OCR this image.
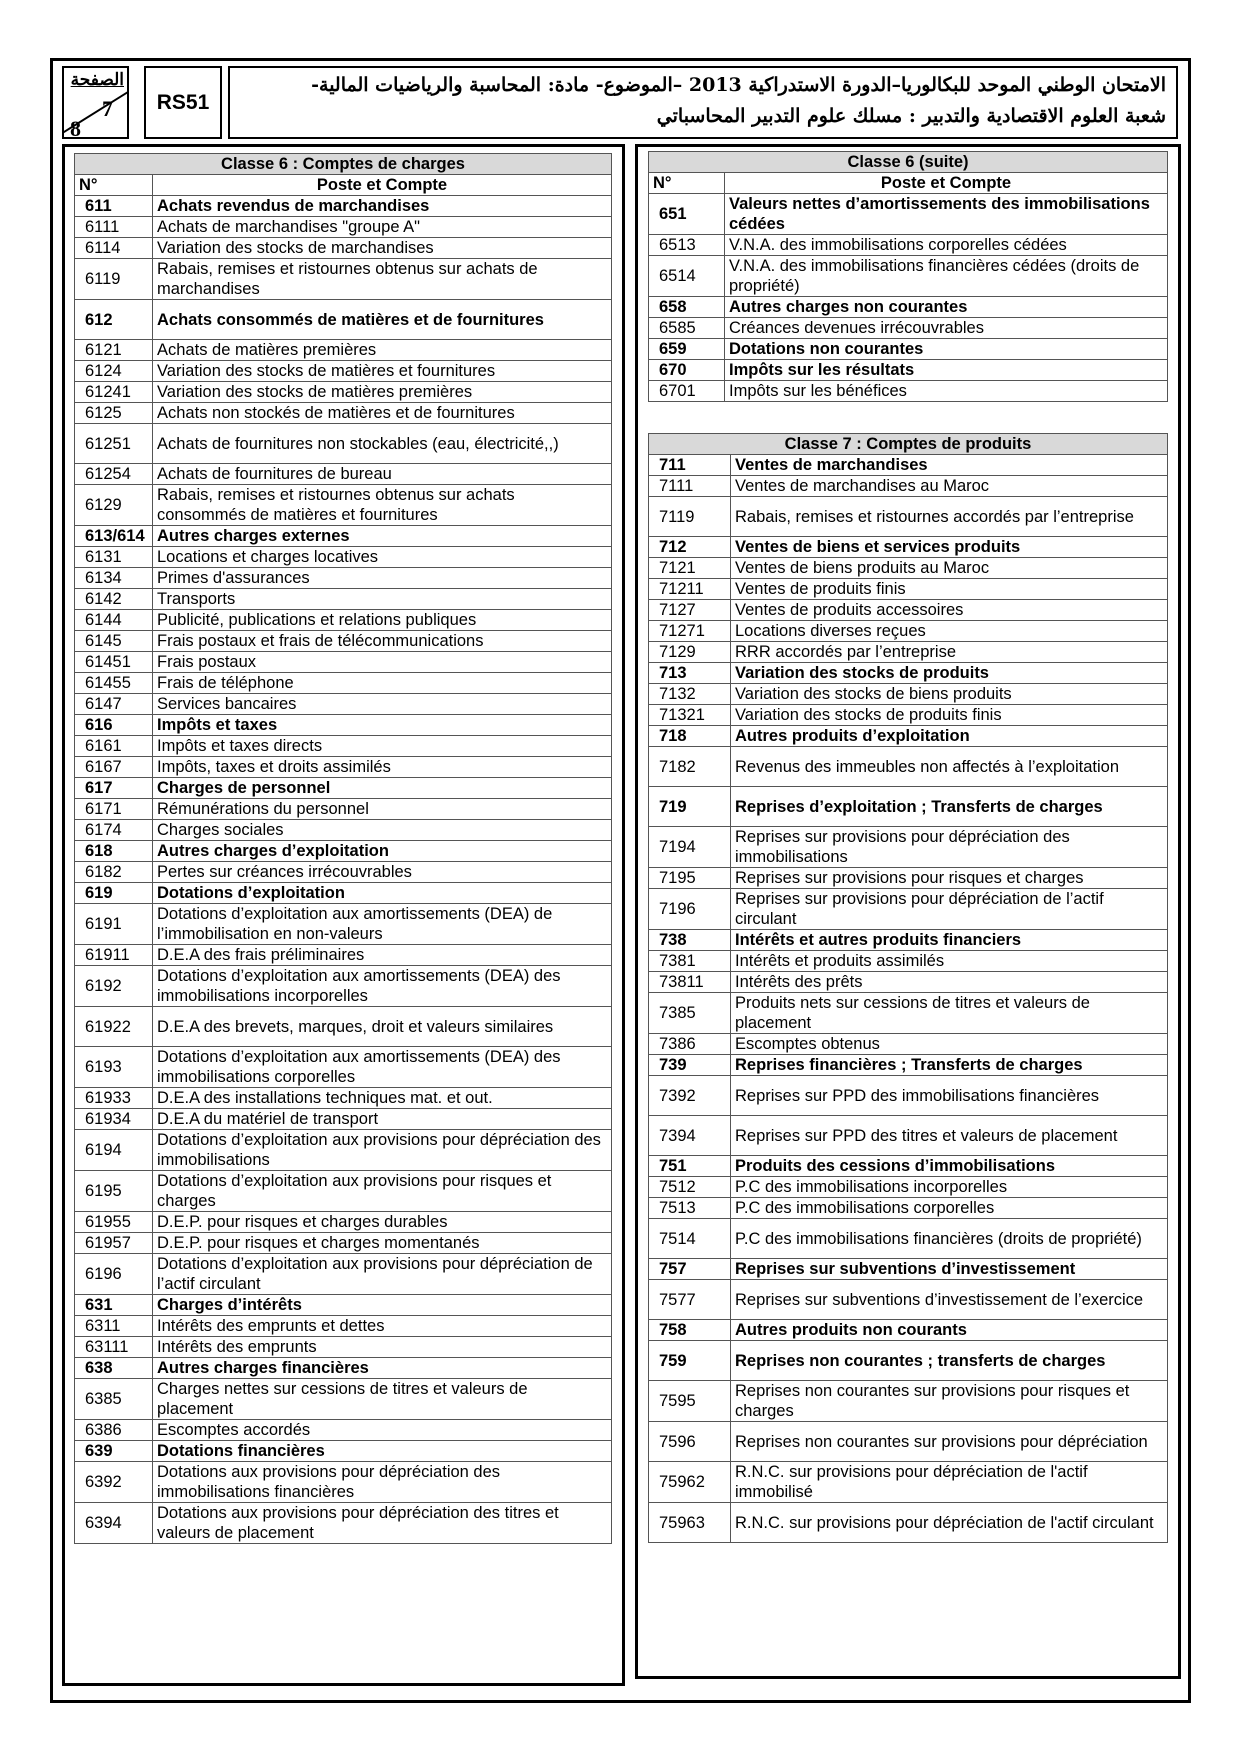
الصفحة
7
8
RS51
الامتحان الوطني الموحد للبكالوريا–الدورة الاستدراكية 2013 –الموضوع- مادة: المحاسبة والرياضيات المالية-
شعبة العلوم الاقتصادية والتدبير : مسلك علوم التدبير المحاسباتي
Classe 6 : Comptes de charges	
N°	Poste et Compte
611	Achats revendus de marchandises
6111	Achats de marchandises "groupe A"
6114	Variation des stocks de marchandises
6119	Rabais, remises et ristournes obtenus sur achats de marchandises
612	Achats consommés de matières et de fournitures
6121	Achats de matières premières
6124	Variation des stocks de matières et fournitures
61241	Variation des stocks de matières premières
6125	Achats non stockés de matières et de fournitures
61251	Achats de fournitures non stockables (eau, électricité,,)
61254	Achats de fournitures de bureau
6129	Rabais, remises et ristournes obtenus sur achats consommés de matières et fournitures
613/614	Autres charges externes
6131	Locations et charges locatives
6134	Primes d'assurances
6142	Transports
6144	Publicité, publications et relations publiques
6145	Frais postaux et frais de télécommunications
61451	Frais postaux
61455	Frais de téléphone
6147	Services bancaires
616	Impôts et taxes
6161	Impôts et taxes directs
6167	Impôts, taxes et droits assimilés
617	Charges de personnel
6171	Rémunérations du personnel
6174	Charges sociales
618	Autres charges d’exploitation
6182	Pertes sur créances irrécouvrables
619	Dotations d’exploitation
6191	Dotations d’exploitation aux amortissements (DEA) de l’immobilisation en non-valeurs
61911	D.E.A des frais préliminaires
6192	Dotations d’exploitation aux amortissements (DEA) des immobilisations incorporelles
61922	D.E.A des brevets, marques, droit et valeurs similaires
6193	Dotations d’exploitation aux amortissements (DEA) des immobilisations corporelles
61933	D.E.A des installations techniques mat. et out.
61934	D.E.A du matériel de transport
6194	Dotations d’exploitation aux provisions pour dépréciation des immobilisations
6195	Dotations d’exploitation aux provisions pour risques et charges
61955	D.E.P. pour risques et charges durables
61957	D.E.P. pour risques et charges momentanés
6196	Dotations d’exploitation aux provisions pour dépréciation de l’actif circulant
631	Charges d’intérêts
6311	Intérêts des emprunts et dettes
63111	Intérêts des emprunts
638	Autres charges financières
6385	Charges nettes sur cessions de titres et valeurs de placement
6386	Escomptes accordés
639	Dotations financières
6392	Dotations aux provisions pour dépréciation des immobilisations financières
6394	Dotations aux provisions pour dépréciation des titres et valeurs de placement
Classe 6 (suite)	
N°	Poste et Compte
651	Valeurs nettes d’amortissements des immobilisations cédées
6513	V.N.A. des immobilisations corporelles cédées
6514	V.N.A. des immobilisations financières cédées (droits de propriété)
658	Autres charges non courantes
6585	Créances devenues irrécouvrables
659	Dotations non courantes
670	Impôts sur les résultats
6701	Impôts sur les bénéfices
Classe 7 : Comptes de produits	
711	Ventes de marchandises
7111	Ventes de marchandises au Maroc
7119	Rabais, remises et ristournes accordés par l’entreprise
712	Ventes de biens et services produits
7121	Ventes de biens produits au Maroc
71211	Ventes de produits finis
7127	Ventes de produits accessoires
71271	Locations diverses reçues
7129	RRR accordés par l’entreprise
713	Variation des stocks de produits
7132	Variation des stocks de biens produits
71321	Variation des stocks de produits finis
718	Autres produits d’exploitation
7182	Revenus des immeubles non affectés à l’exploitation
719	Reprises d’exploitation ; Transferts de charges
7194	Reprises sur provisions pour dépréciation des immobilisations
7195	Reprises sur provisions pour risques et charges
7196	Reprises sur provisions pour dépréciation de l’actif circulant
738	Intérêts et autres produits financiers
7381	Intérêts et produits assimilés
73811	Intérêts des prêts
7385	Produits nets sur cessions de titres et valeurs de placement
7386	Escomptes obtenus
739	Reprises financières ; Transferts de charges
7392	Reprises sur PPD des immobilisations financières
7394	Reprises sur PPD des titres et valeurs de placement
751	Produits des cessions d’immobilisations
7512	P.C des immobilisations incorporelles
7513	P.C des immobilisations corporelles
7514	P.C des immobilisations financières (droits de propriété)
757	Reprises sur subventions d’investissement
7577	Reprises sur subventions d’investissement de l’exercice
758	Autres produits non courants
759	Reprises non courantes ; transferts de charges
7595	Reprises non courantes sur provisions pour risques et charges
7596	Reprises non courantes sur provisions pour dépréciation
75962	R.N.C. sur provisions pour dépréciation de l'actif immobilisé
75963	R.N.C. sur provisions pour dépréciation de l'actif circulant
